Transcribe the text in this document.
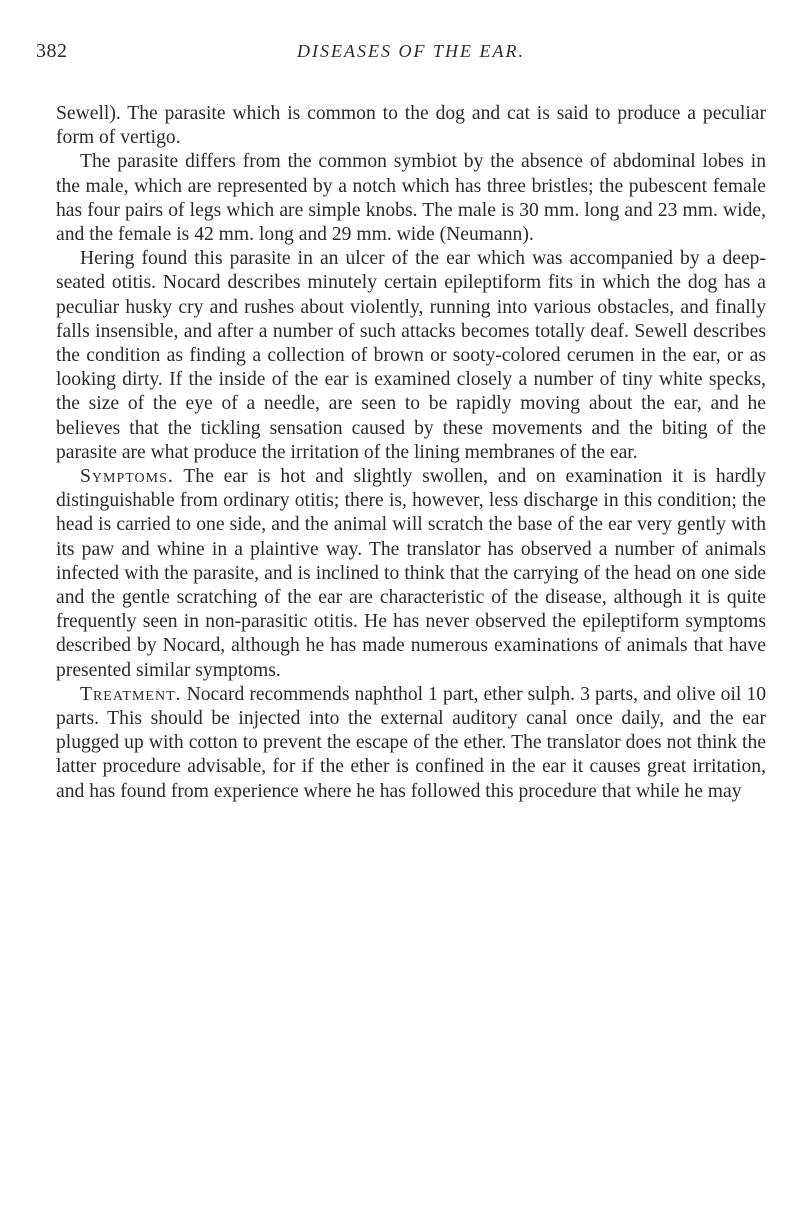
382	DISEASES OF THE EAR.

Sewell). The parasite which is common to the dog and cat is said to produce a peculiar form of vertigo.

The parasite differs from the common symbiot by the absence of abdominal lobes in the male, which are represented by a notch which has three bristles; the pubescent female has four pairs of legs which are simple knobs. The male is 30 mm. long and 23 mm. wide, and the female is 42 mm. long and 29 mm. wide (Neumann).

Hering found this parasite in an ulcer of the ear which was accompanied by a deep-seated otitis. Nocard describes minutely certain epileptiform fits in which the dog has a peculiar husky cry and rushes about violently, running into various obstacles, and finally falls insensible, and after a number of such attacks becomes totally deaf. Sewell describes the condition as finding a collection of brown or sooty-colored cerumen in the ear, or as looking dirty. If the inside of the ear is examined closely a number of tiny white specks, the size of the eye of a needle, are seen to be rapidly moving about the ear, and he believes that the tickling sensation caused by these movements and the biting of the parasite are what produce the irritation of the lining membranes of the ear.

Symptoms. The ear is hot and slightly swollen, and on examination it is hardly distinguishable from ordinary otitis; there is, however, less discharge in this condition; the head is carried to one side, and the animal will scratch the base of the ear very gently with its paw and whine in a plaintive way. The translator has observed a number of animals infected with the parasite, and is inclined to think that the carrying of the head on one side and the gentle scratching of the ear are characteristic of the disease, although it is quite frequently seen in non-parasitic otitis. He has never observed the epileptiform symptoms described by Nocard, although he has made numerous examinations of animals that have presented similar symptoms.

Treatment. Nocard recommends naphthol 1 part, ether sulph. 3 parts, and olive oil 10 parts. This should be injected into the external auditory canal once daily, and the ear plugged up with cotton to prevent the escape of the ether. The translator does not think the latter procedure advisable, for if the ether is confined in the ear it causes great irritation, and has found from experience where he has followed this procedure that while he may
